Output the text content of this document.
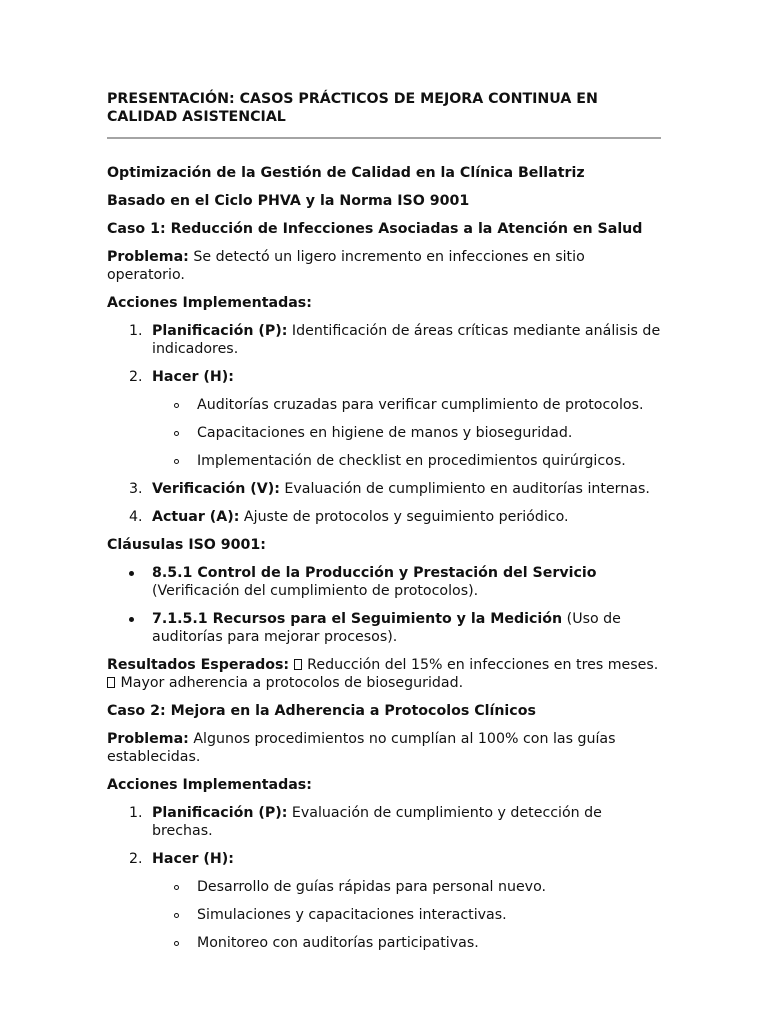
PRESENTACIÓN: CASOS PRÁCTICOS DE MEJORA CONTINUA EN CALIDAD ASISTENCIAL

Optimización de la Gestión de Calidad en la Clínica Bellatriz

Basado en el Ciclo PHVA y la Norma ISO 9001

Caso 1: Reducción de Infecciones Asociadas a la Atención en Salud

Problema: Se detectó un ligero incremento en infecciones en sitio operatorio.

Acciones Implementadas:

1. Planificación (P): Identificación de áreas críticas mediante análisis de indicadores.
2. Hacer (H):
Auditorías cruzadas para verificar cumplimiento de protocolos.
Capacitaciones en higiene de manos y bioseguridad.
Implementación de checklist en procedimientos quirúrgicos.
3. Verificación (V): Evaluación de cumplimiento en auditorías internas.
4. Actuar (A): Ajuste de protocolos y seguimiento periódico.

Cláusulas ISO 9001:

8.5.1 Control de la Producción y Prestación del Servicio (Verificación del cumplimiento de protocolos).
7.1.5.1 Recursos para el Seguimiento y la Medición (Uso de auditorías para mejorar procesos).

Resultados Esperados: Reducción del 15% en infecciones en tres meses.
Mayor adherencia a protocolos de bioseguridad.

Caso 2: Mejora en la Adherencia a Protocolos Clínicos

Problema: Algunos procedimientos no cumplían al 100% con las guías establecidas.

Acciones Implementadas:

1. Planificación (P): Evaluación de cumplimiento y detección de brechas.
2. Hacer (H):
Desarrollo de guías rápidas para personal nuevo.
Simulaciones y capacitaciones interactivas.
Monitoreo con auditorías participativas.
